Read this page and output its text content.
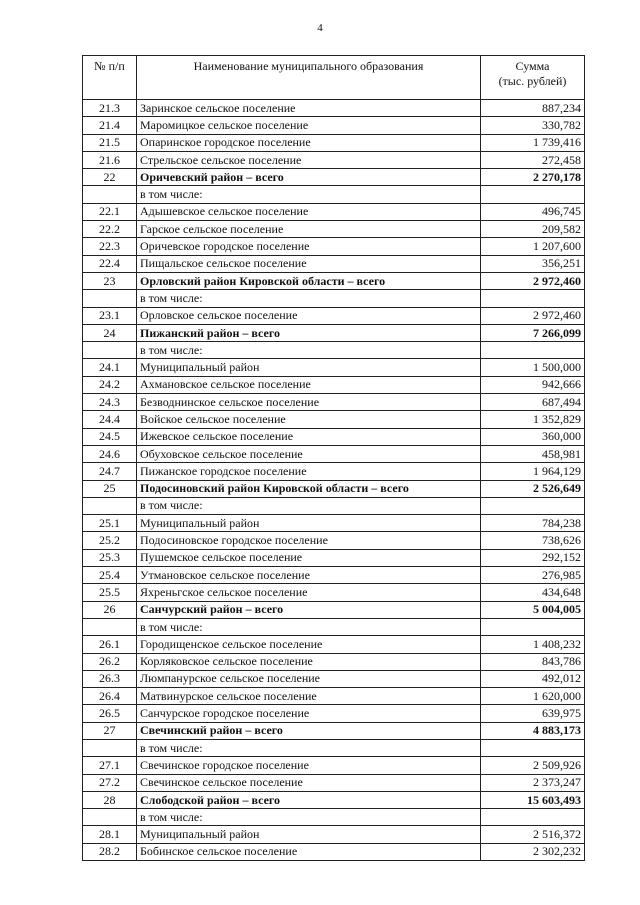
4
№ п/п	Наименование муниципального образования	Сумма
(тыс. рублей)
21.3	Заринское сельское поселение	887,234
21.4	Маромицкое сельское поселение	330,782
21.5	Опаринское городское поселение	1 739,416
21.6	Стрельское сельское поселение	272,458
22	Оричевский район – всего	2 270,178
	в том числе:	
22.1	Адышевское сельское поселение	496,745
22.2	Гарское сельское поселение	209,582
22.3	Оричевское городское поселение	1 207,600
22.4	Пищальское сельское поселение	356,251
23	Орловский район Кировской области – всего	2 972,460
	в том числе:	
23.1	Орловское сельское поселение	2 972,460
24	Пижанский район – всего	7 266,099
	в том числе:	
24.1	Муниципальный район	1 500,000
24.2	Ахмановское сельское поселение	942,666
24.3	Безводнинское сельское поселение	687,494
24.4	Войское сельское поселение	1 352,829
24.5	Ижевское сельское поселение	360,000
24.6	Обуховское сельское поселение	458,981
24.7	Пижанское городское поселение	1 964,129
25	Подосиновский район Кировской области – всего	2 526,649
	в том числе:	
25.1	Муниципальный район	784,238
25.2	Подосиновское городское поселение	738,626
25.3	Пушемское сельское поселение	292,152
25.4	Утмановское сельское поселение	276,985
25.5	Яхреньгское сельское поселение	434,648
26	Санчурский район – всего	5 004,005
	в том числе:	
26.1	Городищенское сельское поселение	1 408,232
26.2	Корляковское сельское поселение	843,786
26.3	Люмпанурское сельское поселение	492,012
26.4	Матвинурское сельское поселение	1 620,000
26.5	Санчурское городское поселение	639,975
27	Свечинский район – всего	4 883,173
	в том числе:	
27.1	Свечинское городское поселение	2 509,926
27.2	Свечинское сельское поселение	2 373,247
28	Слободской район – всего	15 603,493
	в том числе:	
28.1	Муниципальный район	2 516,372
28.2	Бобинское сельское поселение	2 302,232
